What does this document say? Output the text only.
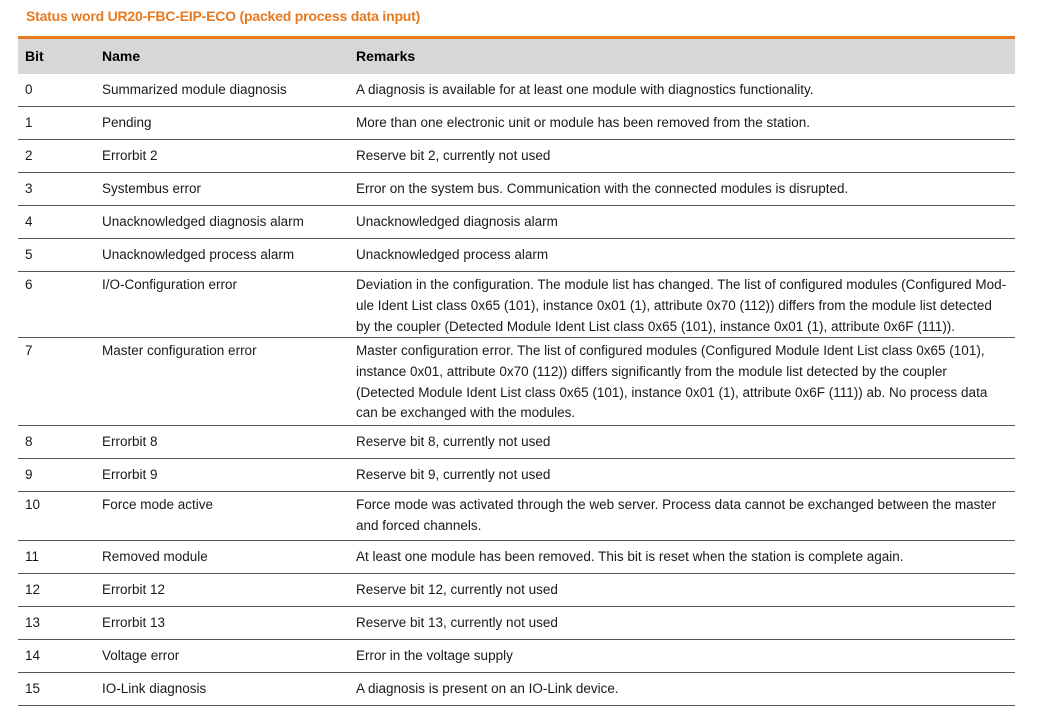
Status word UR20-FBC-EIP-ECO (packed process data input)
Bit	Name	Remarks
0	Summarized module diagnosis	A diagnosis is available for at least one module with diagnostics functionality.
1	Pending	More than one electronic unit or module has been removed from the station.
2	Errorbit 2	Reserve bit 2, currently not used
3	Systembus error	Error on the system bus. Communication with the connected modules is disrupted.
4	Unacknowledged diagnosis alarm	Unacknowledged diagnosis alarm
5	Unacknowledged process alarm	Unacknowledged process alarm
6	I/O-Configuration error	Deviation in the configuration. The module list has changed. The list of configured modules (Configured Mod-ule Ident List class 0x65 (101), instance 0x01 (1), attribute 0x70 (112)) differs from the module list detected by the coupler (Detected Module Ident List class 0x65 (101), instance 0x01 (1), attribute 0x6F (111)).
7	Master configuration error	Master configuration error. The list of configured modules (Configured Module Ident List class 0x65 (101), instance 0x01, attribute 0x70 (112)) differs significantly from the module list detected by the coupler (Detected Module Ident List class 0x65 (101), instance 0x01 (1), attribute 0x6F (111)) ab. No process data can be exchanged with the modules.
8	Errorbit 8	Reserve bit 8, currently not used
9	Errorbit 9	Reserve bit 9, currently not used
10	Force mode active	Force mode was activated through the web server. Process data cannot be exchanged between the master and forced channels.
11	Removed module	At least one module has been removed. This bit is reset when the station is complete again.
12	Errorbit 12	Reserve bit 12, currently not used
13	Errorbit 13	Reserve bit 13, currently not used
14	Voltage error	Error in the voltage supply
15	IO-Link diagnosis	A diagnosis is present on an IO-Link device.
